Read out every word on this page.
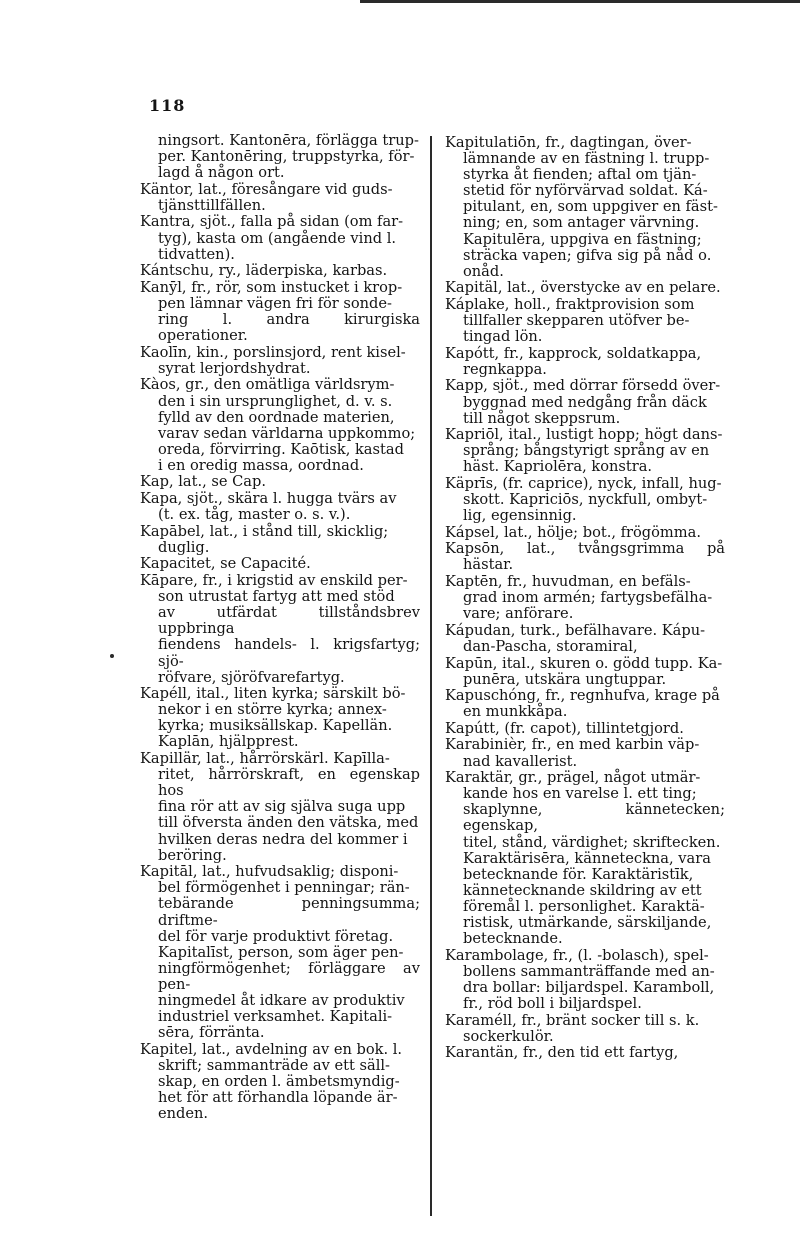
118

ningsort. Kantonēra, förlägga trup-
per. Kantonēring, truppstyrka, för-
lagd å någon ort.

Käntor, lat., föresångare vid guds-
tjänsttillfällen.

Kantra, sjöt., falla på sidan (om far-
tyg), kasta om (angående vind l.
tidvatten).

Kántschu, ry., läderpiska, karbas.

Kanȳl, fr., rör, som instucket i krop-
pen lämnar vägen fri för sonde-
ring l. andra kirurgiska operationer.

Kaolīn, kin., porslinsjord, rent kisel-
syrat lerjordshydrat.

Kàos, gr., den omätliga världsrym-
den i sin ursprunglighet, d. v. s.
fylld av den oordnade materien,
varav sedan världarna uppkommo;
oreda, förvirring. Kaōtisk, kastad
i en oredig massa, oordnad.

Kap, lat., se Cap.

Kapa, sjöt., skära l. hugga tvärs av
(t. ex. tåg, master o. s. v.).

Kapābel, lat., i stånd till, skicklig;
duglig.

Kapacitet, se Capacité.

Kāpare, fr., i krigstid av enskild per-
son utrustat fartyg att med stöd
av utfärdat tillståndsbrev uppbringa
fiendens handels- l. krigsfartyg; sjö-
röfvare, sjöröfvarefartyg.

Kapéll, ital., liten kyrka; särskilt bö-
nekor i en större kyrka; annex-
kyrka; musiksällskap. Kapellän.
Kaplān, hjälpprest.

Kapillär, lat., hårrörskärl. Kapīlla-
ritet, hårrörskraft, en egenskap hos
fina rör att av sig själva suga upp
till öfversta änden den vätska, med
hvilken deras nedra del kommer i
beröring.

Kapitāl, lat., hufvudsaklig; disponi-
bel förmögenhet i penningar; rän-
tebärande penningsumma; driftme-
del för varje produktivt företag.
Kapitalīst, person, som äger pen-
ningförmögenhet; förläggare av pen-
ningmedel åt idkare av produktiv
industriel verksamhet. Kapitali-
sēra, förränta.

Kapitel, lat., avdelning av en bok. l.
skrift; sammanträde av ett säll-
skap, en orden l. ämbetsmyndig-
het för att förhandla löpande är-
enden.

Kapitulatiōn, fr., dagtingan, över-
lämnande av en fästning l. trupp-
styrka åt fienden; aftal om tjän-
stetid för nyförvärvad soldat. Ká-
pitulant, en, som uppgiver en fäst-
ning; en, som antager värvning.
Kapitulēra, uppgiva en fästning;
sträcka vapen; gifva sig på nåd o.
onåd.

Kapitäl, lat., överstycke av en pelare.

Káplake, holl., fraktprovision som
tillfaller skepparen utöfver be-
tingad lön.

Kapótt, fr., kapprock, soldatkappa,
regnkappa.

Kapp, sjöt., med dörrar försedd över-
byggnad med nedgång från däck
till något skeppsrum.

Kapriōl, ital., lustigt hopp; högt dans-
språng; bångstyrigt språng av en
häst. Kapriolēra, konstra.

Käprīs, (fr. caprice), nyck, infall, hug-
skott. Kapriciōs, nyckfull, ombyt-
lig, egensinnig.

Kápsel, lat., hölje; bot., frögömma.

Kapsōn, lat., tvångsgrimma på hästar.

Kaptēn, fr., huvudman, en befäls-
grad inom armén; fartygsbefälha-
vare; anförare.

Kápudan, turk., befälhavare. Kápu-
dan-Pascha, storamiral,

Kapūn, ital., skuren o. gödd tupp. Ka-
punēra, utskära ungtuppar.

Kapuschóng, fr., regnhufva, krage på
en munkkåpa.

Kapútt, (fr. capot), tillintetgjord.

Karabinièr, fr., en med karbin väp-
nad kavallerist.

Karaktär, gr., prägel, något utmär-
kande hos en varelse l. ett ting;
skaplynne, kännetecken; egenskap,
titel, stånd, värdighet; skriftecken.
Karaktärisēra, känneteckna, vara
betecknande för. Karaktäristīk,
kännetecknande skildring av ett
föremål l. personlighet. Karaktä-
ristisk, utmärkande, särskiljande,
betecknande.

Karambolage, fr., (l. -bolasch), spel-
bollens sammanträffande med an-
dra bollar: biljardspel. Karamboll,
fr., röd boll i biljardspel.

Karaméll, fr., bränt socker till s. k.
sockerkulör.

Karantän, fr., den tid ett fartyg,
